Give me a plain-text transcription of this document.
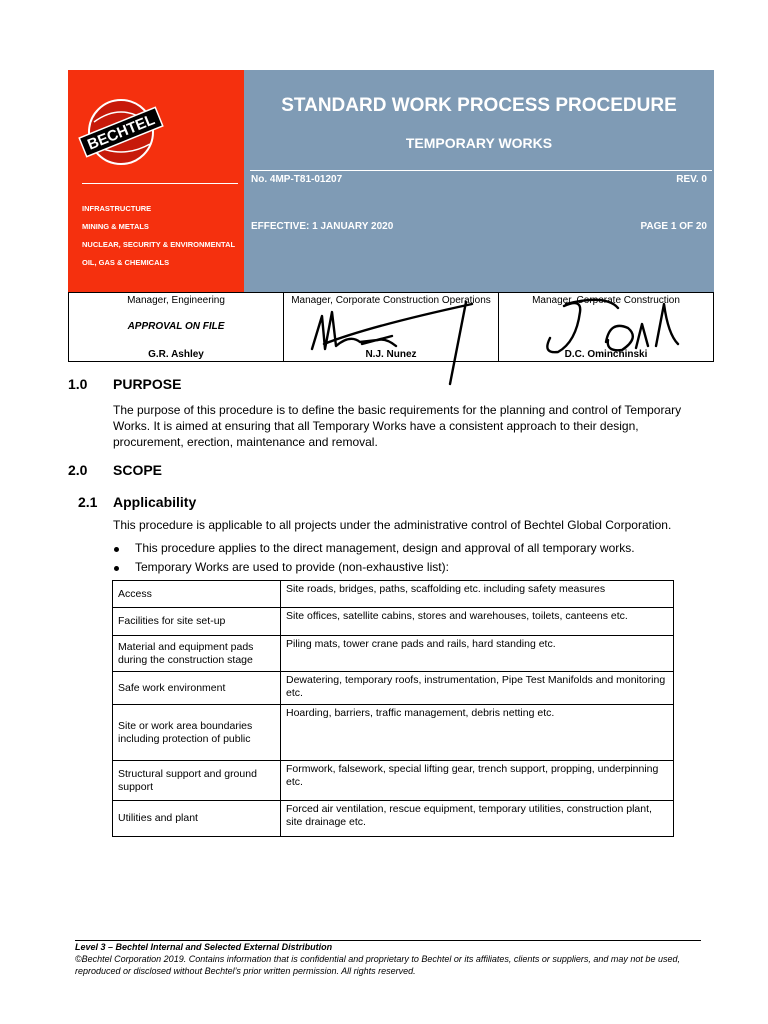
BECHTEL
INFRASTRUCTURE
MINING & METALS
NUCLEAR, SECURITY & ENVIRONMENTAL
OIL, GAS & CHEMICALS
STANDARD WORK PROCESS PROCEDURE
TEMPORARY WORKS
No. 4MP-T81-01207	REV. 0
EFFECTIVE: 1 JANUARY 2020	PAGE 1 OF 20
Manager, Engineering
APPROVAL ON FILE
G.R. Ashley
Manager, Corporate Construction Operations
N.J. Nunez
Manager, Corporate Construction
D.C. Ominchinski
1.0 PURPOSE

The purpose of this procedure is to define the basic requirements for the planning and control of Temporary Works. It is aimed at ensuring that all Temporary Works have a consistent approach to their design, procurement, erection, maintenance and removal.

2.0 SCOPE
2.1 Applicability

This procedure is applicable to all projects under the administrative control of Bechtel Global Corporation.

This procedure applies to the direct management, design and approval of all temporary works.
Temporary Works are used to provide (non-exhaustive list):
Access	Site roads, bridges, paths, scaffolding etc. including safety measures
Facilities for site set-up	Site offices, satellite cabins, stores and warehouses, toilets, canteens etc.
Material and equipment pads during the construction stage	Piling mats, tower crane pads and rails, hard standing etc.
Safe work environment	Dewatering, temporary roofs, instrumentation, Pipe Test Manifolds and monitoring etc.
Site or work area boundaries including protection of public	Hoarding, barriers, traffic management, debris netting etc.
Structural support and ground support	Formwork, falsework, special lifting gear, trench support, propping, underpinning etc.
Utilities and plant	Forced air ventilation, rescue equipment, temporary utilities, construction plant, site drainage etc.
Level 3 – Bechtel Internal and Selected External Distribution
©Bechtel Corporation 2019. Contains information that is confidential and proprietary to Bechtel or its affiliates, clients or suppliers, and may not be used, reproduced or disclosed without Bechtel’s prior written permission. All rights reserved.
